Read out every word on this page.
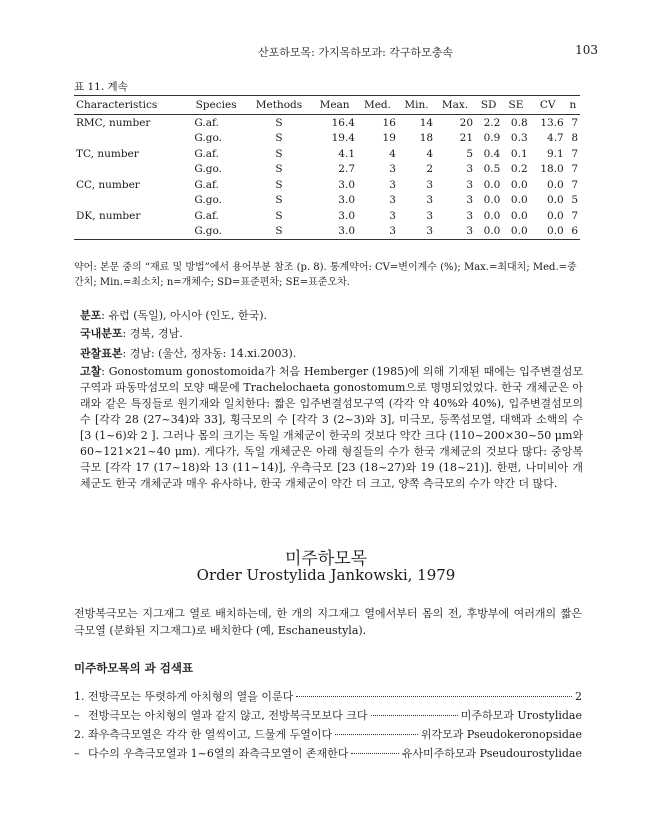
산포하모목: 가지목하모과: 각구하모충속	103
표 11. 계속
Characteristics	Species	Methods	Mean	Med.	Min.	Max.	SD	SE	CV	n
RMC, number	G.af.	S	16.4	16	14	20	2.2	0.8	13.6	7
	G.go.	S	19.4	19	18	21	0.9	0.3	4.7	8
TC, number	G.af.	S	4.1	4	4	5	0.4	0.1	9.1	7
	G.go.	S	2.7	3	2	3	0.5	0.2	18.0	7
CC, number	G.af.	S	3.0	3	3	3	0.0	0.0	0.0	7
	G.go.	S	3.0	3	3	3	0.0	0.0	0.0	5
DK, number	G.af.	S	3.0	3	3	3	0.0	0.0	0.0	7
	G.go.	S	3.0	3	3	3	0.0	0.0	0.0	6
약어: 본문 중의 “재료 및 방법”에서 용어부분 참조 (p. 8). 통계약어: CV=변이계수 (%); Max.=최대치; Med.=중간치; Min.=최소치; n=개체수; SD=표준편차; SE=표준오차.
분포: 유럽 (독일), 아시아 (인도, 한국).
국내분포: 경북, 경남.
관찰표본: 경남: (울산, 정자동: 14.xi.2003).
고찰: Gonostomum gonostomoida가 처음 Hemberger (1985)에 의해 기재된 때에는 입주변결섬모구역과 파동막섬모의 모양 때문에 Trachelochaeta gonostomum으로 명명되었었다. 한국 개체군은 아래와 같은 특징들로 원기재와 일치한다: 짧은 입주변결섬모구역 (각각 약 40%와 40%), 입주변결섬모의 수 [각각 28 (27~34)와 33], 횡극모의 수 [각각 3 (2~3)와 3], 미극모, 등쪽섬모열, 대핵과 소핵의 수 [3 (1~6)와 2 ]. 그러나 몸의 크기는 독일 개체군이 한국의 것보다 약간 크다 (110~200×30~50 μm와 60~121×21~40 μm). 게다가, 독일 개체군은 아래 형질들의 수가 한국 개체군의 것보다 많다: 중앙복극모 [각각 17 (17~18)와 13 (11~14)], 우측극모 [23 (18~27)와 19 (18~21)]. 한편, 나미비아 개체군도 한국 개체군과 매우 유사하나, 한국 개체군이 약간 더 크고, 양쪽 측극모의 수가 약간 더 많다.
미주하모목
Order Urostylida Jankowski, 1979
전방복극모는 지그재그 열로 배치하는데, 한 개의 지그재그 열에서부터 몸의 전, 후방부에 여러개의 짧은 극모열 (분화된 지그재그)로 배치한다 (예, Eschaneustyla).
미주하모목의 과 검색표
1. 전방극모는 뚜렷하게 아치형의 열을 이룬다	2
– 전방극모는 아치형의 열과 같지 않고, 전방복극모보다 크다	미주하모과 Urostylidae
2. 좌우측극모열은 각각 한 열씩이고, 드물게 두열이다	위각모과 Pseudokeronopsidae
– 다수의 우측극모열과 1~6열의 좌측극모열이 존재한다	유사미주하모과 Pseudourostylidae
